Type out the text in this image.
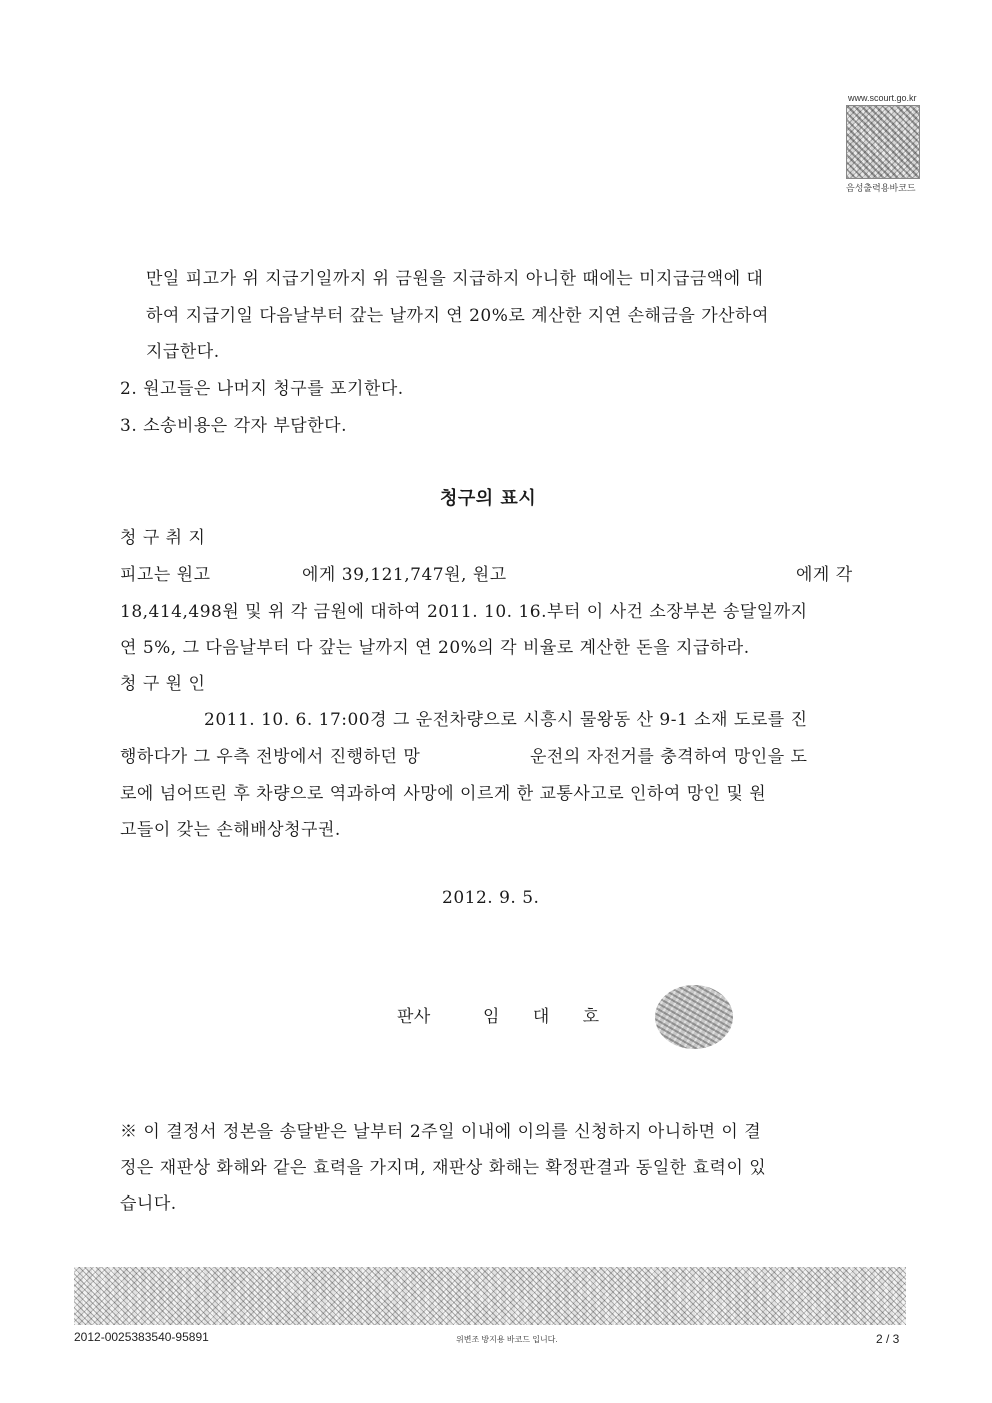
www.scourt.go.kr
음성출력용바코드
만일 피고가 위 지급기일까지 위 금원을 지급하지 아니한 때에는 미지급금액에 대
하여 지급기일 다음날부터 갚는 날까지 연 20%로 계산한 지연 손해금을 가산하여
지급한다.
2. 원고들은 나머지 청구를 포기한다.
3. 소송비용은 각자 부담한다.
청구의 표시
청 구 취 지
피고는 원고	에게 39,121,747원, 원고	에게 각
18,414,498원 및 위 각 금원에 대하여 2011. 10. 16.부터 이 사건 소장부본 송달일까지
연 5%, 그 다음날부터 다 갚는 날까지 연 20%의 각 비율로 계산한 돈을 지급하라.
청 구 원 인
2011. 10. 6. 17:00경 그 운전차량으로 시흥시 물왕동 산 9-1 소재 도로를 진
행하다가 그 우측 전방에서 진행하던 망	운전의 자전거를 충격하여 망인을 도
로에 넘어뜨린 후 차량으로 역과하여 사망에 이르게 한 교통사고로 인하여 망인 및 원
고들이 갖는 손해배상청구권.
2012. 9. 5.
판사	임 대 호
※ 이 결정서 정본을 송달받은 날부터 2주일 이내에 이의를 신청하지 아니하면 이 결
정은 재판상 화해와 같은 효력을 가지며, 재판상 화해는 확정판결과 동일한 효력이 있
습니다.
2012-0025383540-95891	위변조 방지용 바코드 입니다.	2 / 3
